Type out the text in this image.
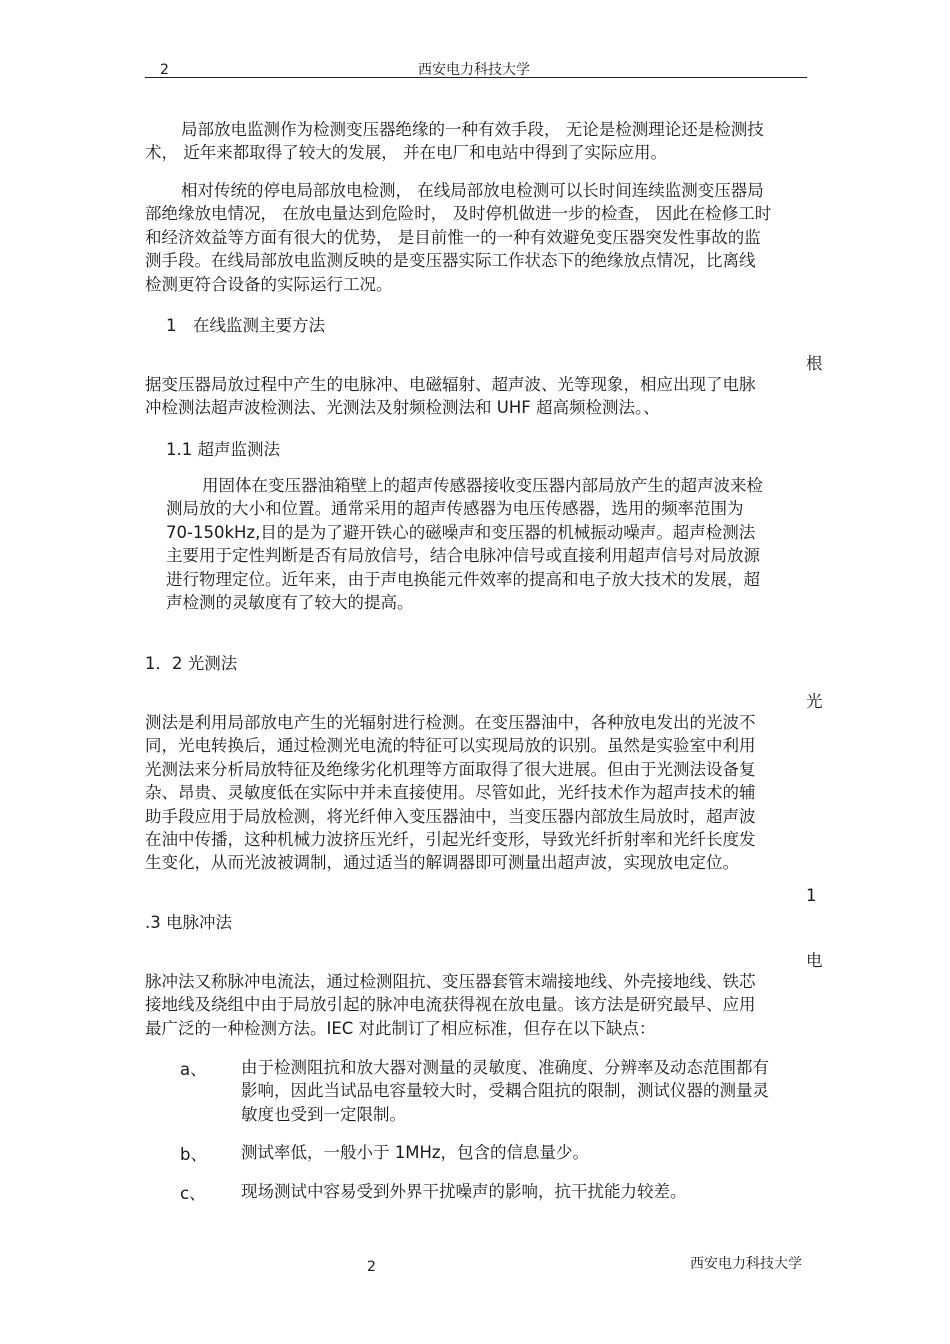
2	西安电力科技大学
局部放电监测作为检测变压器绝缘的一种有效手段， 无论是检测理论还是检测技
术， 近年来都取得了较大的发展， 并在电厂和电站中得到了实际应用。
相对传统的停电局部放电检测， 在线局部放电检测可以长时间连续监测变压器局
部绝缘放电情况， 在放电量达到危险时， 及时停机做进一步的检查， 因此在检修工时
和经济效益等方面有很大的优势， 是目前惟一的一种有效避免变压器突发性事故的监
测手段。在线局部放电监测反映的是变压器实际工作状态下的绝缘放点情况，比离线
检测更符合设备的实际运行工况。
1　在线监测主要方法
根
据变压器局放过程中产生的电脉冲、电磁辐射、超声波、光等现象，相应出现了电脉
冲检测法超声波检测法、光测法及射频检测法和 UHF 超高频检测法。、
1.1 超声监测法
用固体在变压器油箱壁上的超声传感器接收变压器内部局放产生的超声波来检
测局放的大小和位置。通常采用的超声传感器为电压传感器，选用的频率范围为
70-150kHz,目的是为了避开铁心的磁噪声和变压器的机械振动噪声。超声检测法
主要用于定性判断是否有局放信号，结合电脉冲信号或直接利用超声信号对局放源
进行物理定位。近年来，由于声电换能元件效率的提高和电子放大技术的发展，超
声检测的灵敏度有了较大的提高。
1．2 光测法
光
测法是利用局部放电产生的光辐射进行检测。在变压器油中，各种放电发出的光波不
同，光电转换后，通过检测光电流的特征可以实现局放的识别。虽然是实验室中利用
光测法来分析局放特征及绝缘劣化机理等方面取得了很大进展。但由于光测法设备复
杂、昂贵、灵敏度低在实际中并未直接使用。尽管如此，光纤技术作为超声技术的辅
助手段应用于局放检测，将光纤伸入变压器油中，当变压器内部放生局放时，超声波
在油中传播，这种机械力波挤压光纤，引起光纤变形，导致光纤折射率和光纤长度发
生变化，从而光波被调制，通过适当的解调器即可测量出超声波，实现放电定位。
1
.3 电脉冲法
电
脉冲法又称脉冲电流法，通过检测阻抗、变压器套管末端接地线、外壳接地线、铁芯
接地线及绕组中由于局放引起的脉冲电流获得视在放电量。该方法是研究最早、应用
最广泛的一种检测方法。IEC 对此制订了相应标准，但存在以下缺点：
a、 由于检测阻抗和放大器对测量的灵敏度、准确度、分辨率及动态范围都有
影响，因此当试品电容量较大时，受耦合阻抗的限制，测试仪器的测量灵
敏度也受到一定限制。
b、 测试率低，一般小于 1MHz，包含的信息量少。
c、 现场测试中容易受到外界干扰噪声的影响，抗干扰能力较差。
2	西安电力科技大学
